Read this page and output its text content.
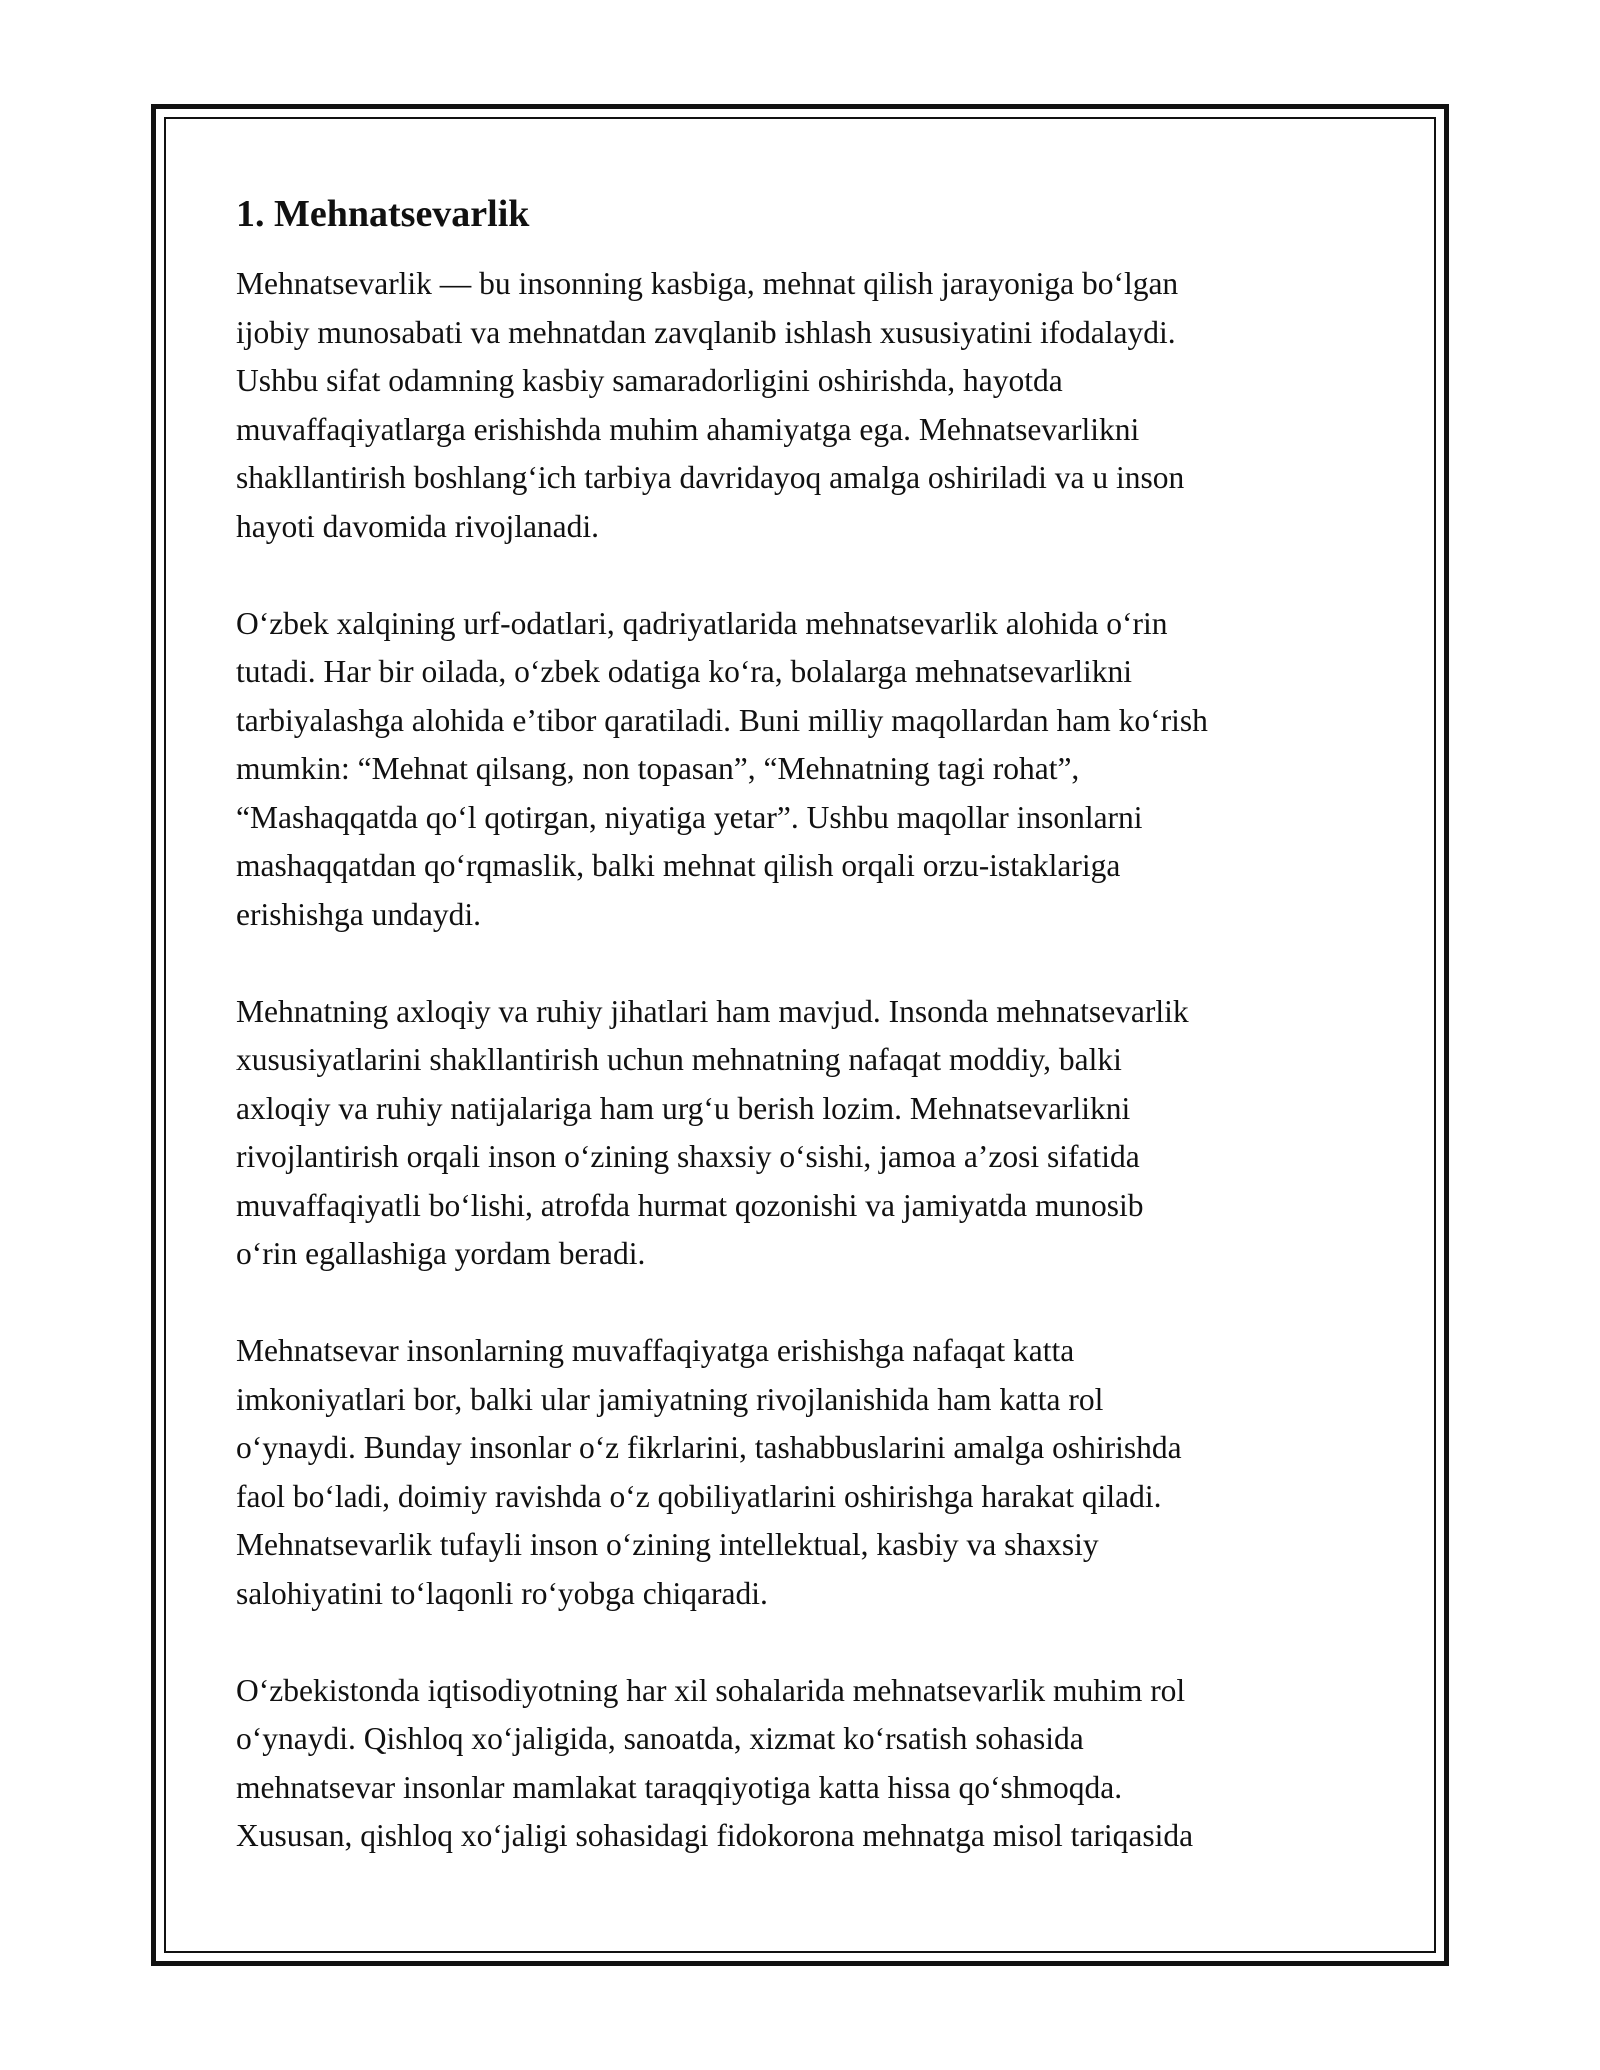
1. Mehnatsevarlik

Mehnatsevarlik — bu insonning kasbiga, mehnat qilish jarayoniga boʻlgan
ijobiy munosabati va mehnatdan zavqlanib ishlash xususiyatini ifodalaydi.
Ushbu sifat odamning kasbiy samaradorligini oshirishda, hayotda
muvaffaqiyatlarga erishishda muhim ahamiyatga ega. Mehnatsevarlikni
shakllantirish boshlangʻich tarbiya davridayoq amalga oshiriladi va u inson
hayoti davomida rivojlanadi.

Oʻzbek xalqining urf-odatlari, qadriyatlarida mehnatsevarlik alohida oʻrin
tutadi. Har bir oilada, oʻzbek odatiga koʻra, bolalarga mehnatsevarlikni
tarbiyalashga alohida eʼtibor qaratiladi. Buni milliy maqollardan ham koʻrish
mumkin: “Mehnat qilsang, non topasan”, “Mehnatning tagi rohat”,
“Mashaqqatda qoʻl qotirgan, niyatiga yetar”. Ushbu maqollar insonlarni
mashaqqatdan qoʻrqmaslik, balki mehnat qilish orqali orzu-istaklariga
erishishga undaydi.

Mehnatning axloqiy va ruhiy jihatlari ham mavjud. Insonda mehnatsevarlik
xususiyatlarini shakllantirish uchun mehnatning nafaqat moddiy, balki
axloqiy va ruhiy natijalariga ham urgʻu berish lozim. Mehnatsevarlikni
rivojlantirish orqali inson oʻzining shaxsiy oʻsishi, jamoa aʼzosi sifatida
muvaffaqiyatli boʻlishi, atrofda hurmat qozonishi va jamiyatda munosib
oʻrin egallashiga yordam beradi.

Mehnatsevar insonlarning muvaffaqiyatga erishishga nafaqat katta
imkoniyatlari bor, balki ular jamiyatning rivojlanishida ham katta rol
oʻynaydi. Bunday insonlar oʻz fikrlarini, tashabbuslarini amalga oshirishda
faol boʻladi, doimiy ravishda oʻz qobiliyatlarini oshirishga harakat qiladi.
Mehnatsevarlik tufayli inson oʻzining intellektual, kasbiy va shaxsiy
salohiyatini toʻlaqonli roʻyobga chiqaradi.

Oʻzbekistonda iqtisodiyotning har xil sohalarida mehnatsevarlik muhim rol
oʻynaydi. Qishloq xoʻjaligida, sanoatda, xizmat koʻrsatish sohasida
mehnatsevar insonlar mamlakat taraqqiyotiga katta hissa qoʻshmoqda.
Xususan, qishloq xoʻjaligi sohasidagi fidokorona mehnatga misol tariqasida
